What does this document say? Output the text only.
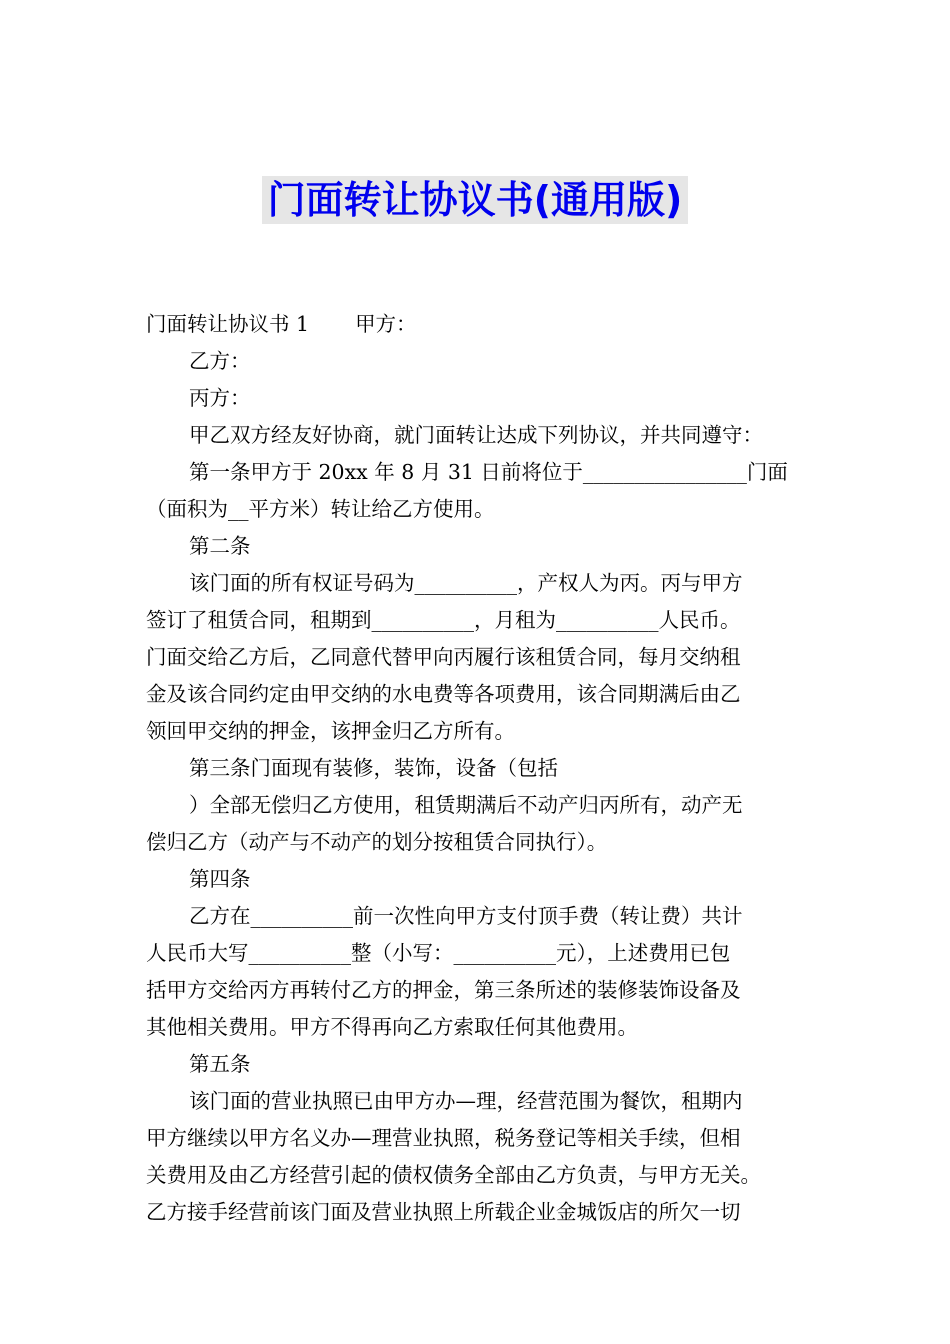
门面转让协议书(通用版)
门面转让协议书 1 甲方：
乙方：
丙方：
甲乙双方经友好协商，就门面转让达成下列协议，并共同遵守：
第一条甲方于 20xx 年 8 月 31 日前将位于________________门面
（面积为__平方米）转让给乙方使用。
第二条
该门面的所有权证号码为__________，产权人为丙。丙与甲方
签订了租赁合同，租期到__________，月租为__________人民币。
门面交给乙方后，乙同意代替甲向丙履行该租赁合同，每月交纳租
金及该合同约定由甲交纳的水电费等各项费用，该合同期满后由乙
领回甲交纳的押金，该押金归乙方所有。
第三条门面现有装修，装饰，设备（包括
）全部无偿归乙方使用，租赁期满后不动产归丙所有，动产无
偿归乙方（动产与不动产的划分按租赁合同执行）。
第四条
乙方在__________前一次性向甲方支付顶手费（转让费）共计
人民币大写__________整（小写：__________元），上述费用已包
括甲方交给丙方再转付乙方的押金，第三条所述的装修装饰设备及
其他相关费用。甲方不得再向乙方索取任何其他费用。
第五条
该门面的营业执照已由甲方办—理，经营范围为餐饮，租期内
甲方继续以甲方名义办—理营业执照，税务登记等相关手续，但相
关费用及由乙方经营引起的债权债务全部由乙方负责，与甲方无关。
乙方接手经营前该门面及营业执照上所载企业金城饭店的所欠一切
